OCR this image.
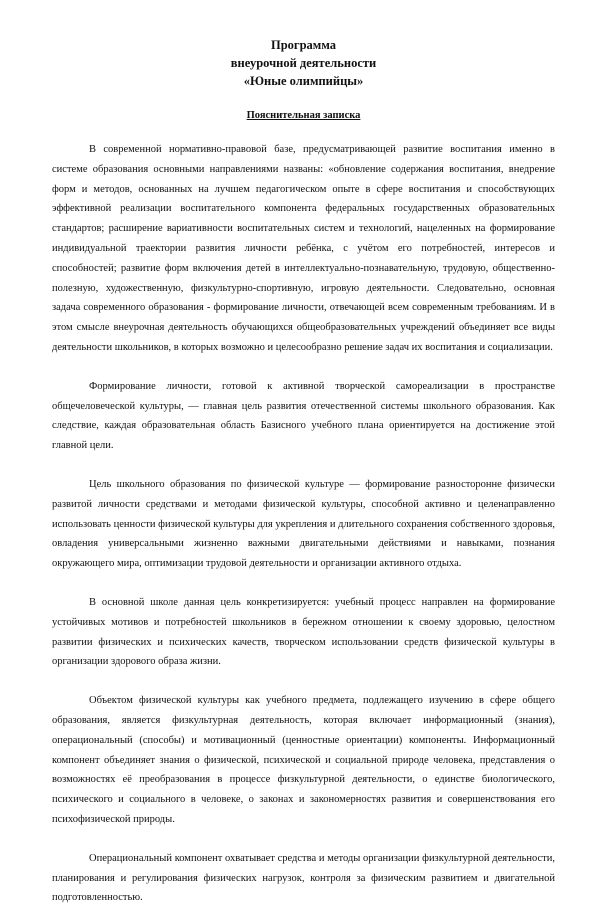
Программа

внеурочной деятельности

«Юные олимпийцы»

Пояснительная записка

В современной нормативно-правовой базе, предусматривающей развитие воспитания именно в системе образования основными направлениями названы: «обновление содержания воспитания, внедрение форм и методов, основанных на лучшем педагогическом опыте в сфере воспитания и способствующих эффективной реализации воспитательного компонента федеральных государственных образовательных стандартов; расширение вариативности воспитательных систем и технологий, нацеленных на формирование индивидуальной траектории развития личности ребёнка, с учётом его потребностей, интересов и способностей; развитие форм включения детей в интеллектуально-познавательную, трудовую, общественно-полезную, художественную, физкультурно-спортивную, игровую деятельности. Следовательно, основная задача современного образования - формирование личности, отвечающей всем современным требованиям. И в этом смысле внеурочная деятельность обучающихся общеобразовательных учреждений объединяет все виды деятельности школьников, в которых возможно и целесообразно решение задач их воспитания и социализации.

Формирование личности, готовой к активной творческой самореализации в пространстве общечеловеческой культуры, — главная цель развития отечественной системы школьного образования. Как следствие, каждая образовательная область Базисного учебного плана ориентируется на достижение этой главной цели.

Цель школьного образования по физической культуре — формирование разносторонне физически развитой личности средствами и методами физической культуры, способной активно и целенаправленно использовать ценности физической культуры для укрепления и длительного сохранения собственного здоровья, овладения универсальными жизненно важными двигательными действиями и навыками, познания окружающего мира, оптимизации трудовой деятельности и организации активного отдыха.

В основной школе данная цель конкретизируется: учебный процесс направлен на формирование устойчивых мотивов и потребностей школьников в бережном отношении к своему здоровью, целостном развитии физических и психических качеств, творческом использовании средств физической культуры в организации здорового образа жизни.

Объектом физической культуры как учебного предмета, подлежащего изучению в сфере общего образования, является физкультурная деятельность, которая включает информационный (знания), операциональный (способы) и мотивационный (ценностные ориентации) компоненты. Информационный компонент объединяет знания о физической, психической и социальной природе человека, представления о возможностях её преобразования в процессе физкультурной деятельности, о единстве биологического, психического и социального в человеке, о законах и закономерностях развития и совершенствования его психофизической природы.

Операциональный компонент охватывает средства и методы организации физкультурной деятельности, планирования и регулирования физических нагрузок, контроля за физическим развитием и двигательной подготовленностью.
